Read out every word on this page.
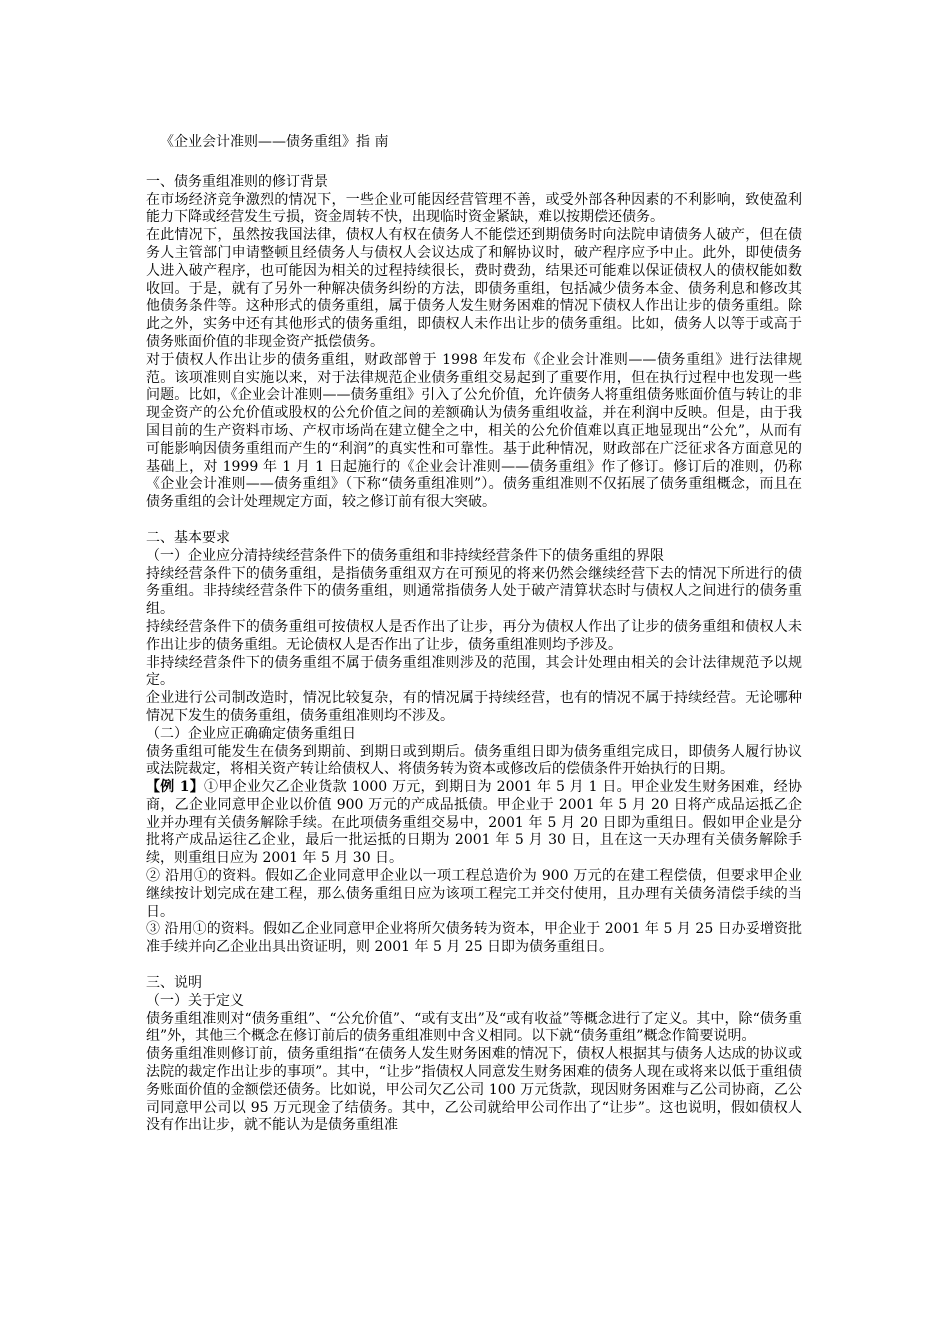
《企业会计准则——债务重组》指 南
一、债务重组准则的修订背景

在市场经济竞争激烈的情况下，一些企业可能因经营管理不善，或受外部各种因素的不利影响，致使盈利能力下降或经营发生亏损，资金周转不快，出现临时资金紧缺，难以按期偿还债务。

在此情况下，虽然按我国法律，债权人有权在债务人不能偿还到期债务时向法院申请债务人破产，但在债务人主管部门申请整顿且经债务人与债权人会议达成了和解协议时，破产程序应予中止。此外，即使债务人进入破产程序，也可能因为相关的过程持续很长，费时费劲，结果还可能难以保证债权人的债权能如数收回。于是，就有了另外一种解决债务纠纷的方法，即债务重组，包括减少债务本金、债务利息和修改其他债务条件等。这种形式的债务重组，属于债务人发生财务困难的情况下债权人作出让步的债务重组。除此之外，实务中还有其他形式的债务重组，即债权人未作出让步的债务重组。比如，债务人以等于或高于债务账面价值的非现金资产抵偿债务。

对于债权人作出让步的债务重组，财政部曾于 1998 年发布《企业会计准则——债务重组》进行法律规范。该项准则自实施以来，对于法律规范企业债务重组交易起到了重要作用，但在执行过程中也发现一些问题。比如，《企业会计准则——债务重组》引入了公允价值，允许债务人将重组债务账面价值与转让的非现金资产的公允价值或股权的公允价值之间的差额确认为债务重组收益，并在利润中反映。但是，由于我国目前的生产资料市场、产权市场尚在建立健全之中，相关的公允价值难以真正地显现出“公允”，从而有可能影响因债务重组而产生的“利润”的真实性和可靠性。基于此种情况，财政部在广泛征求各方面意见的基础上，对 1999 年 1 月 1 日起施行的《企业会计准则——债务重组》作了修订。修订后的准则，仍称《企业会计准则——债务重组》（下称“债务重组准则”）。债务重组准则不仅拓展了债务重组概念，而且在债务重组的会计处理规定方面，较之修订前有很大突破。

二、基本要求
（一）企业应分清持续经营条件下的债务重组和非持续经营条件下的债务重组的界限

持续经营条件下的债务重组，是指债务重组双方在可预见的将来仍然会继续经营下去的情况下所进行的债务重组。非持续经营条件下的债务重组，则通常指债务人处于破产清算状态时与债权人之间进行的债务重组。

持续经营条件下的债务重组可按债权人是否作出了让步，再分为债权人作出了让步的债务重组和债权人未作出让步的债务重组。无论债权人是否作出了让步，债务重组准则均予涉及。

非持续经营条件下的债务重组不属于债务重组准则涉及的范围，其会计处理由相关的会计法律规范予以规定。

企业进行公司制改造时，情况比较复杂，有的情况属于持续经营，也有的情况不属于持续经营。无论哪种情况下发生的债务重组，债务重组准则均不涉及。

（二）企业应正确确定债务重组日

债务重组可能发生在债务到期前、到期日或到期后。债务重组日即为债务重组完成日，即债务人履行协议或法院裁定，将相关资产转让给债权人、将债务转为资本或修改后的偿债条件开始执行的日期。

【例 1】①甲企业欠乙企业货款 1000 万元，到期日为 2001 年 5 月 1 日。甲企业发生财务困难，经协商，乙企业同意甲企业以价值 900 万元的产成品抵债。甲企业于 2001 年 5 月 20 日将产成品运抵乙企业并办理有关债务解除手续。在此项债务重组交易中，2001 年 5 月 20 日即为重组日。假如甲企业是分批将产成品运往乙企业，最后一批运抵的日期为 2001 年 5 月 30 日，且在这一天办理有关债务解除手续，则重组日应为 2001 年 5 月 30 日。

② 沿用①的资料。假如乙企业同意甲企业以一项工程总造价为 900 万元的在建工程偿债，但要求甲企业继续按计划完成在建工程，那么债务重组日应为该项工程完工并交付使用，且办理有关债务清偿手续的当日。

③ 沿用①的资料。假如乙企业同意甲企业将所欠债务转为资本，甲企业于 2001 年 5 月 25 日办妥增资批准手续并向乙企业出具出资证明，则 2001 年 5 月 25 日即为债务重组日。

三、说明
（一）关于定义

债务重组准则对“债务重组”、“公允价值”、“或有支出”及“或有收益”等概念进行了定义。其中，除“债务重组”外，其他三个概念在修订前后的债务重组准则中含义相同。以下就“债务重组”概念作简要说明。

债务重组准则修订前，债务重组指“在债务人发生财务困难的情况下，债权人根据其与债务人达成的协议或法院的裁定作出让步的事项”。其中，“让步”指债权人同意发生财务困难的债务人现在或将来以低于重组债务账面价值的金额偿还债务。比如说，甲公司欠乙公司 100 万元货款，现因财务困难与乙公司协商，乙公司同意甲公司以 95 万元现金了结债务。其中，乙公司就给甲公司作出了“让步”。这也说明，假如债权人没有作出让步，就不能认为是债务重组准
